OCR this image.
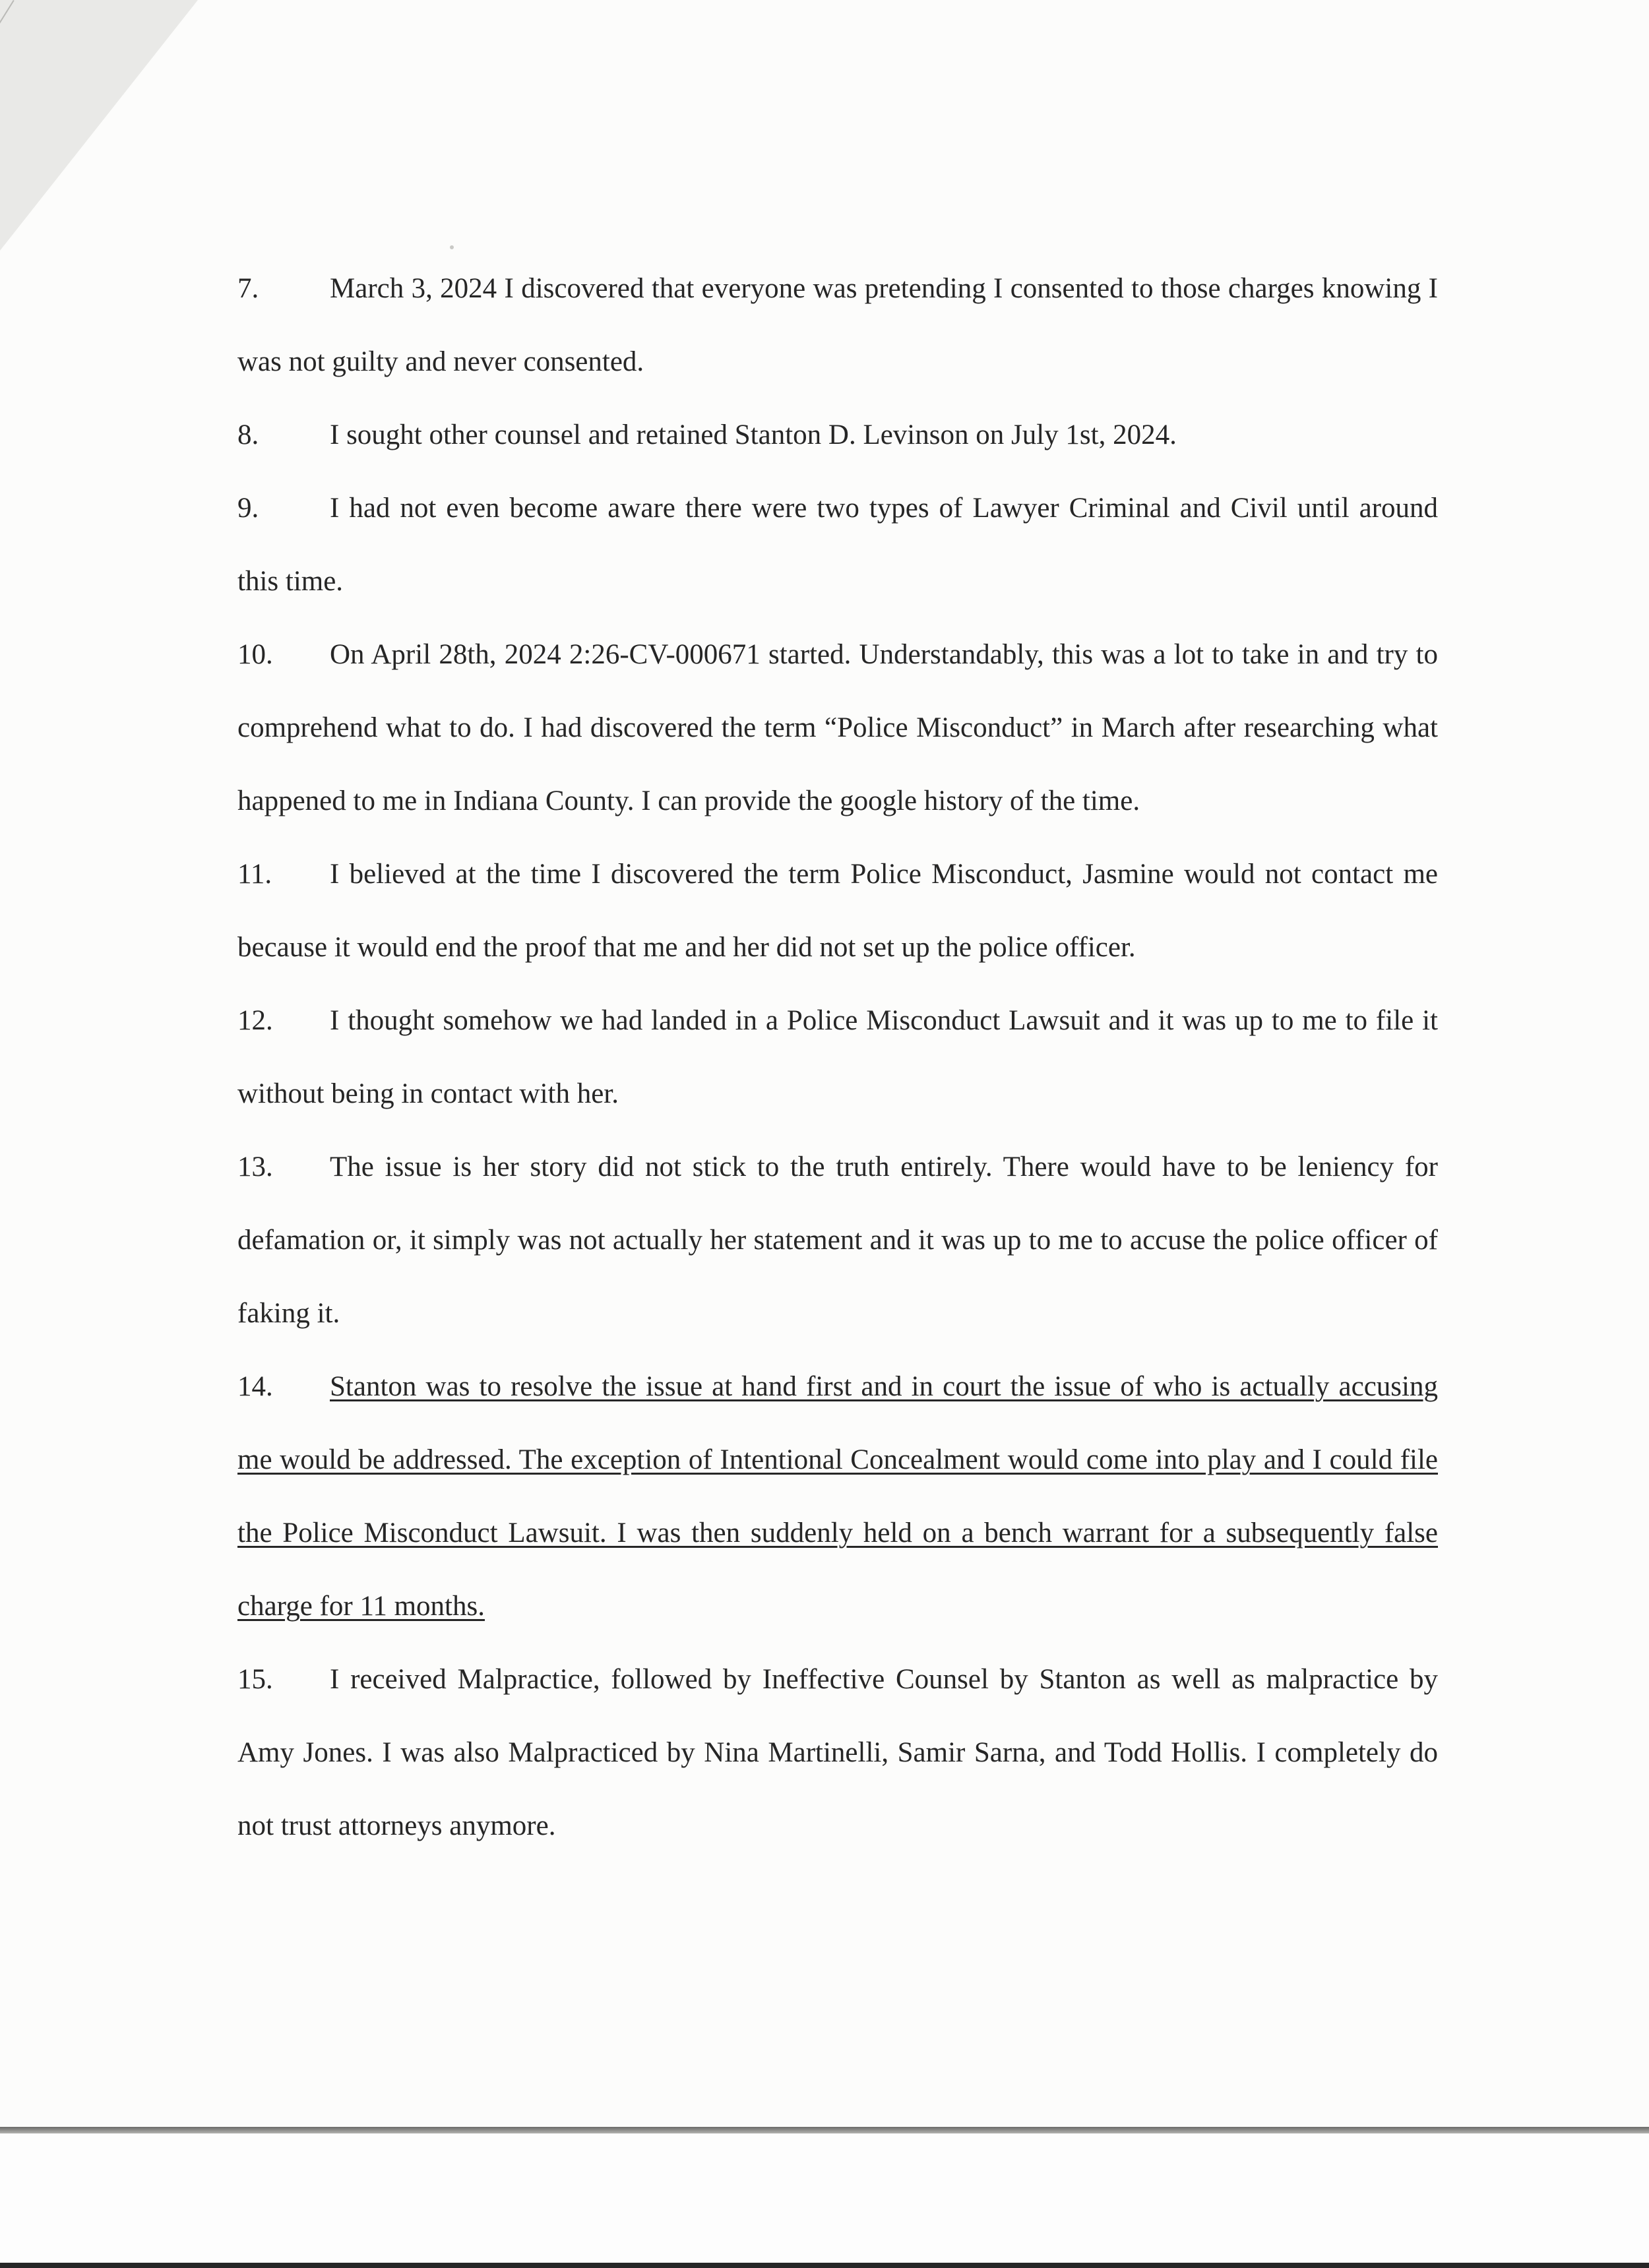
7.	March 3, 2024 I discovered that everyone was pretending I consented to those charges knowing I was not guilty and never consented.

8.	I sought other counsel and retained Stanton D. Levinson on July 1st, 2024.

9.	I had not even become aware there were two types of Lawyer Criminal and Civil until around this time.

10. On April 28th, 2024 2:26-CV-000671 started. Understandably, this was a lot to take in and try to comprehend what to do. I had discovered the term “Police Misconduct” in March after researching what happened to me in Indiana County. I can provide the google history of the time.

11. I believed at the time I discovered the term Police Misconduct, Jasmine would not contact me because it would end the proof that me and her did not set up the police officer.

12. I thought somehow we had landed in a Police Misconduct Lawsuit and it was up to me to file it without being in contact with her.

13. The issue is her story did not stick to the truth entirely. There would have to be leniency for defamation or, it simply was not actually her statement and it was up to me to accuse the police officer of faking it.

14. Stanton was to resolve the issue at hand first and in court the issue of who is actually accusing me would be addressed. The exception of Intentional Concealment would come into play and I could file the Police Misconduct Lawsuit. I was then suddenly held on a bench warrant for a subsequently false charge for 11 months.

15. I received Malpractice, followed by Ineffective Counsel by Stanton as well as malpractice by Amy Jones. I was also Malpracticed by Nina Martinelli, Samir Sarna, and Todd Hollis. I completely do not trust attorneys anymore.
